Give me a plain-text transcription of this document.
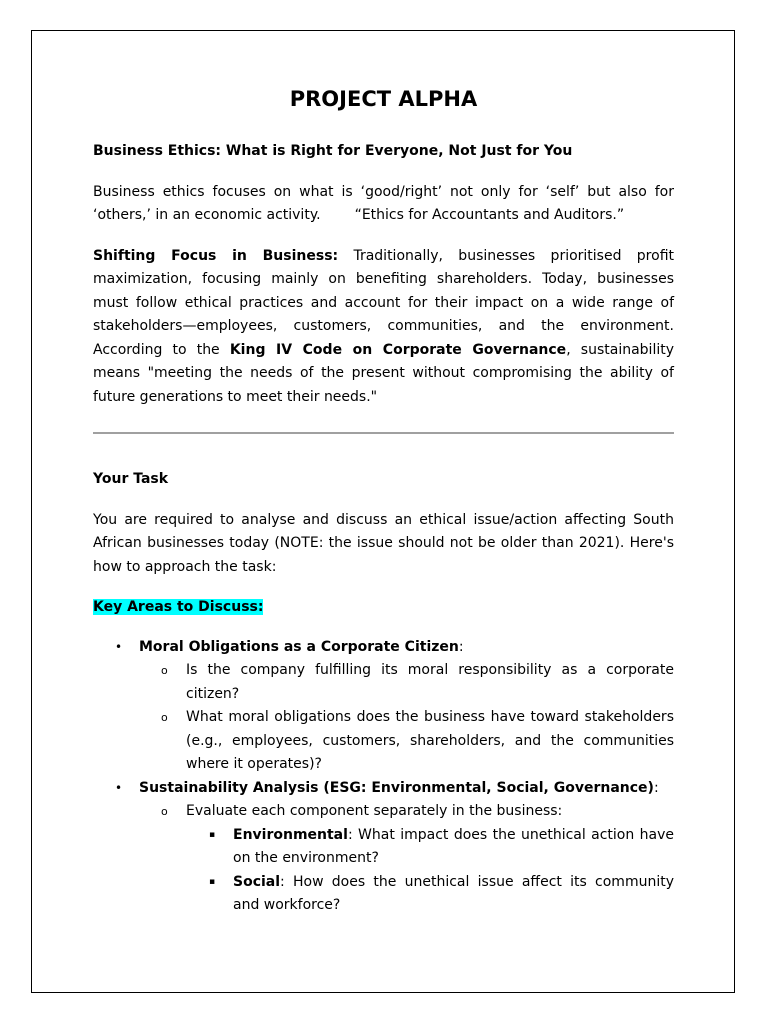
PROJECT ALPHA
Business Ethics: What is Right for Everyone, Not Just for You

Business ethics focuses on what is ‘good/right’ not only for ‘self’ but also for ‘others,’ in an economic activity. “Ethics for Accountants and Auditors.”

Shifting Focus in Business: Traditionally, businesses prioritised profit maximization, focusing mainly on benefiting shareholders. Today, businesses must follow ethical practices and account for their impact on a wide range of stakeholders—employees, customers, communities, and the environment. According to the King IV Code on Corporate Governance, sustainability means "meeting the needs of the present without compromising the ability of future generations to meet their needs."

Your Task

You are required to analyse and discuss an ethical issue/action affecting South African businesses today (NOTE: the issue should not be older than 2021). Here's how to approach the task:

Key Areas to Discuss:
• Moral Obligations as a Corporate Citizen:
o Is the company fulfilling its moral responsibility as a corporate citizen?
o What moral obligations does the business have toward stakeholders (e.g., employees, customers, shareholders, and the communities where it operates)?
• Sustainability Analysis (ESG: Environmental, Social, Governance):
o Evaluate each component separately in the business:
▪ Environmental: What impact does the unethical action have on the environment?
▪ Social: How does the unethical issue affect its community and workforce?
